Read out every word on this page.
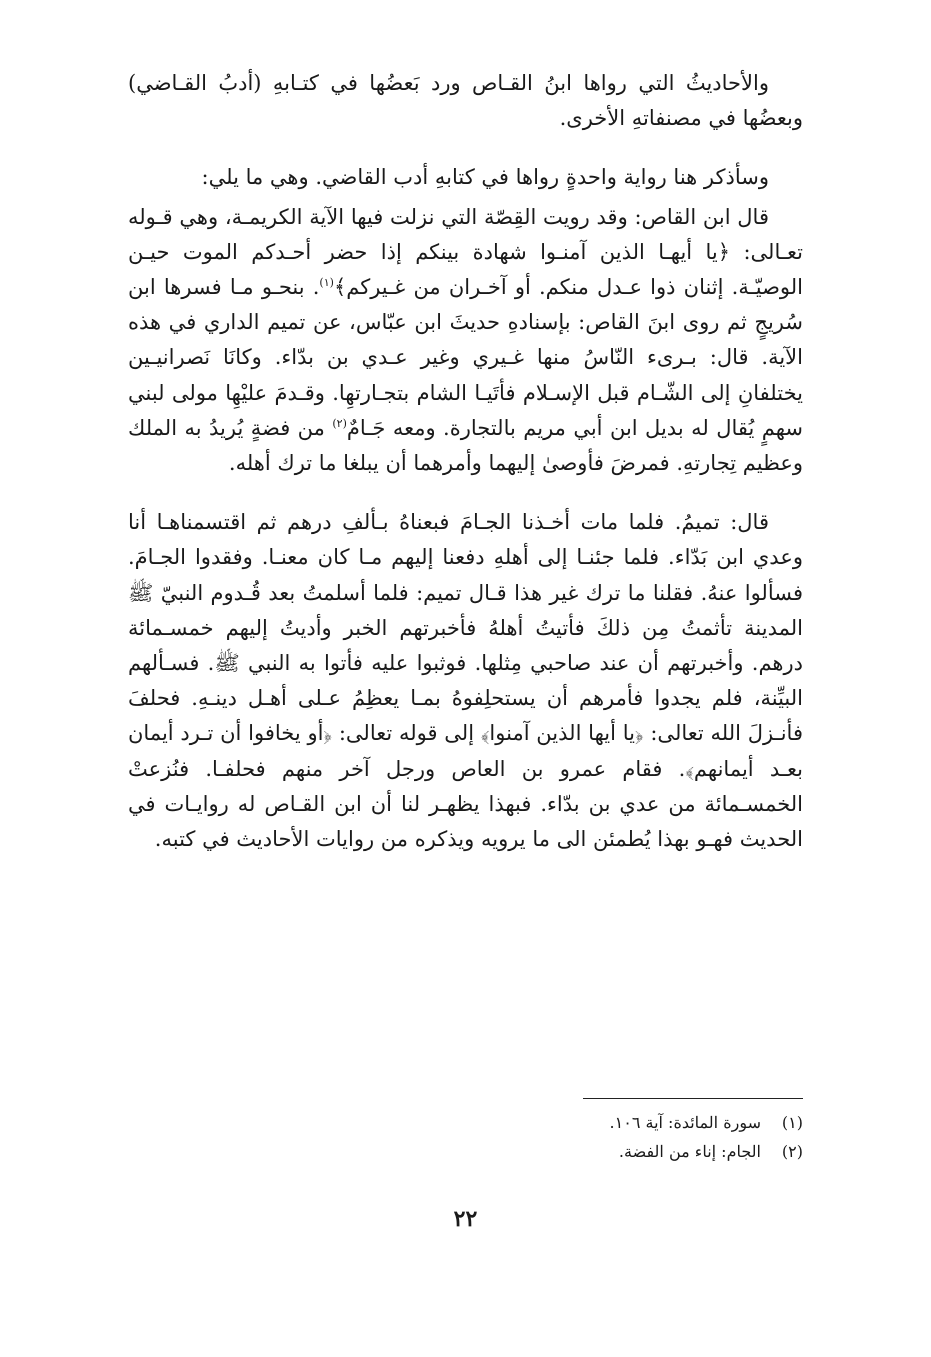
والأحاديثُ التي رواها ابنُ القـاص ورد بَعضُها في كتـابهِ (أدبُ القـاضي) وبعضُها في مصنفاتهِ الأخرى.

وسأذكر هنا رواية واحدةٍ رواها في كتابهِ أدب القاضي. وهي ما يلي:

قال ابن القاص: وقد رويت القِصّة التي نزلت فيها الآية الكريمـة، وهي قـوله تعـالى: ﴿يا أيهـا الذين آمنـوا شهادة بينكم إذا حضر أحـدكم الموت حيـن الوصيّـة. إثنان ذوا عـدل منكم. أو آخـران من غـيركم﴾$^{(١)}$. بنحـو مـا فسرها ابن سُريجٍ ثم روى ابنَ القاص: بإسنادهِ حديثَ ابن عبّاس، عن تميم الداري في هذه الآية. قال: بـرىء النّاسُ منها غـيري وغير عـدي بن بدّاء. وكانَا نَصرانيـين يختلفانِ إلى الشّـام قبل الإسـلام فأتَيـا الشام بتجـارتهِا. وقـدمَ عليْهِا مولى لبني سهمٍ يُقال له بديل ابن أبي مريم بالتجارة. ومعه جَـامٌ$^{(٢)}$ من فضةٍ يُريدُ به الملك وعظيم تِجارتهِ. فمرضَ فأوصىٰ إليهما وأمرهما أن يبلغا ما ترك أهله.

قال: تميمُ. فلما مات أخـذنا الجـامَ فبعناهُ بـألفِ درهم ثم اقتسمناهـا أنا وعدي ابن بَدّاء. فلما جئنـا إلى أهلهِ دفعنا إليهم مـا كان معنـا. وفقدوا الجـامَ. فسألوا عنهُ. فقلنا ما ترك غير هذا قـال تميم: فلما أسلمتُ بعد قُـدوم النبيّ ﷺ المدينة تأثمتُ مِن ذلكَ فأتيتُ أهلهُ فأخبرتهم الخبر وأديتُ إليهم خمسـمائة درهم. وأخبرتهم أن عند صاحبي مِثلها. فوثبوا عليه فأتوا به النبي ﷺ. فسـألهم البيِّنة، فلم يجدوا فأمرهم أن يستحلِفوهُ بمـا يعظِمُ عـلى أهـل دينـهِ. فحلفَ فأنـزلَ الله تعالى: ﴿يا أيها الذين آمنوا﴾ إلى قوله تعالى: ﴿أو يخافوا أن تـرد أيمان بعـد أيمانهم﴾. فقام عمرو بن العاص ورجل آخر منهم فحلفـا. فنُزعتْ الخمسـمائة من عدي بن بدّاء. فبهذا يظهـر لنا أن ابن القـاص له روايـات في الحديث فهـو بهذا يُطمئن الى ما يرويه ويذكره من روايات الأحاديث في كتبه.

(١)
سورة المائدة: آية ١٠٦.
(٢)
الجام: إناء من الفضة.
٢٢
